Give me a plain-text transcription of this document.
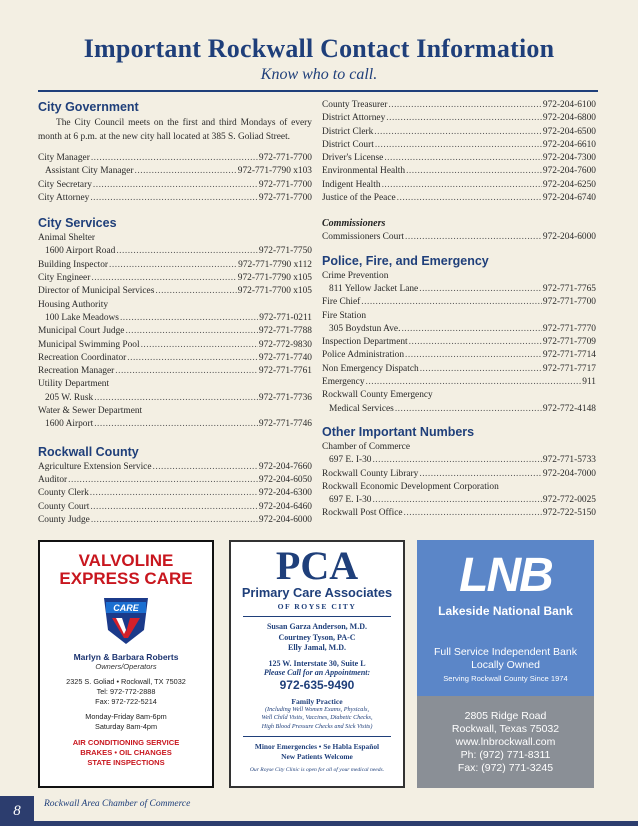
Important Rockwall Contact Information
Know who to call.
City Government
The City Council meets on the first and third Mondays of every month at 6 p.m. at the new city hall located at 385 S. Goliad Street.
City Manager .....	972-771-7700
Assistant City Manager .....	972-771-7790 x103
City Secretary .....	972-771-7700
City Attorney .....	972-771-7700
City Services
Animal Shelter
1600 Airport Road .....	972-771-7750
Building Inspector .....	972-771-7790 x112
City Engineer .....	972-771-7790 x105
Director of Municipal Services .....	972-771-7700 x105
Housing Authority
100 Lake Meadows .....	972-771-0211
Municipal Court Judge .....	972-771-7788
Municipal Swimming Pool .....	972-772-9830
Recreation Coordinator .....	972-771-7740
Recreation Manager .....	972-771-7761
Utility Department
205 W. Rusk .....	972-771-7736
Water & Sewer Department
1600 Airport .....	972-771-7746
Rockwall County
Agriculture Extension Service .....	972-204-7660
Auditor .....	972-204-6050
County Clerk .....	972-204-6300
County Court .....	972-204-6460
County Judge .....	972-204-6000
County Treasurer .....	972-204-6100
District Attorney .....	972-204-6800
District Clerk .....	972-204-6500
District Court .....	972-204-6610
Driver's License .....	972-204-7300
Environmental Health .....	972-204-7600
Indigent Health .....	972-204-6250
Justice of the Peace .....	972-204-6740
Commissioners
Commissioners Court .....	972-204-6000
Police, Fire, and Emergency
Crime Prevention
811 Yellow Jacket Lane .....	972-771-7765
Fire Chief .....	972-771-7700
Fire Station
305 Boydstun Ave. .....	972-771-7770
Inspection Department .....	972-771-7709
Police Administration .....	972-771-7714
Non Emergency Dispatch .....	972-771-7717
Emergency .....	911
Rockwall County Emergency
Medical Services .....	972-772-4148
Other Important Numbers
Chamber of Commerce
697 E. I-30 .....	972-771-5733
Rockwall County Library .....	972-204-7000
Rockwall Economic Development Corporation
697 E. I-30 .....	972-772-0025
Rockwall Post Office .....	972-722-5150
VALVOLINE
EXPRESS CARE
CARE
Marlyn & Barbara Roberts
Owners/Operators
2325 S. Goliad • Rockwall, TX 75032
Tel: 972-772-2888
Fax: 972-722-5214
Monday-Friday 8am-6pm
Saturday 8am-4pm
AIR CONDITIONING SERVICE
BRAKES • OIL CHANGES
STATE INSPECTIONS
PCA
Primary Care Associates
OF ROYSE CITY
Susan Garza Anderson, M.D.
Courtney Tyson, PA-C
Elly Jamal, M.D.
125 W. Interstate 30, Suite L
Please Call for an Appointment:
972-635-9490
Family Practice
(Including Well Women Exams, Physicals,
Well Child Visits, Vaccines, Diabetic Checks,
High Blood Pressure Checks and Sick Visits)
Minor Emergencies • Se Habla Español
New Patients Welcome
Our Royse City Clinic is open for all of your medical needs.
LNB
Lakeside National Bank
Full Service Independent Bank
Locally Owned
Serving Rockwall County Since 1974
2805 Ridge Road
Rockwall, Texas 75032
www.lnbrockwall.com
Ph: (972) 771-8311
Fax: (972) 771-3245
8	Rockwall Area Chamber of Commerce
